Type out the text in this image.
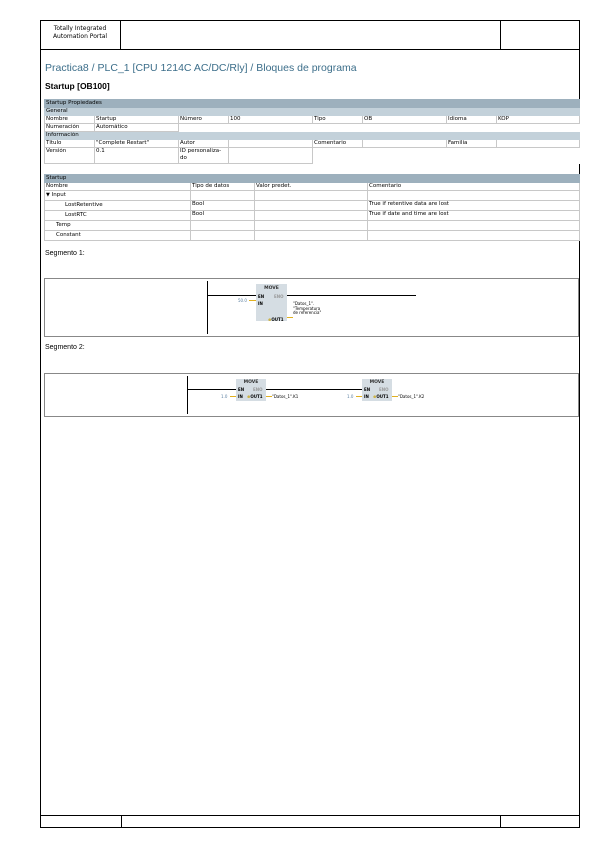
Totally Integrated
Automation Portal
Practica8 / PLC_1 [CPU 1214C AC/DC/Rly] / Bloques de programa
Startup [OB100]
Startup Propiedades							
General							
Nombre	Startup	Número	100	Tipo	OB	Idioma	KOP
Numeración	Automático						
Información							
Título	"Complete Restart"	Autor		Comentario		Familia	
Versión	0.1	ID personaliza-do					
Startup			
Nombre	Tipo de datos	Valor predet.	Comentario
▼ Input			
LostRetentive	Bool		True if retentive data are lost
LostRTC	Bool		True if date and time are lost
Temp			
Constant			
Segmento 1:
MOVE
EN ENO
IN
⊛OUT1
50.0
"Datos_1".
"Temperatura
de referencia"
Segmento 2:
MOVE
EN ENO
IN ⊛OUT1
1.0	"Datos_1".K1
MOVE
EN ENO
IN ⊛OUT1
1.0	"Datos_1".K2
